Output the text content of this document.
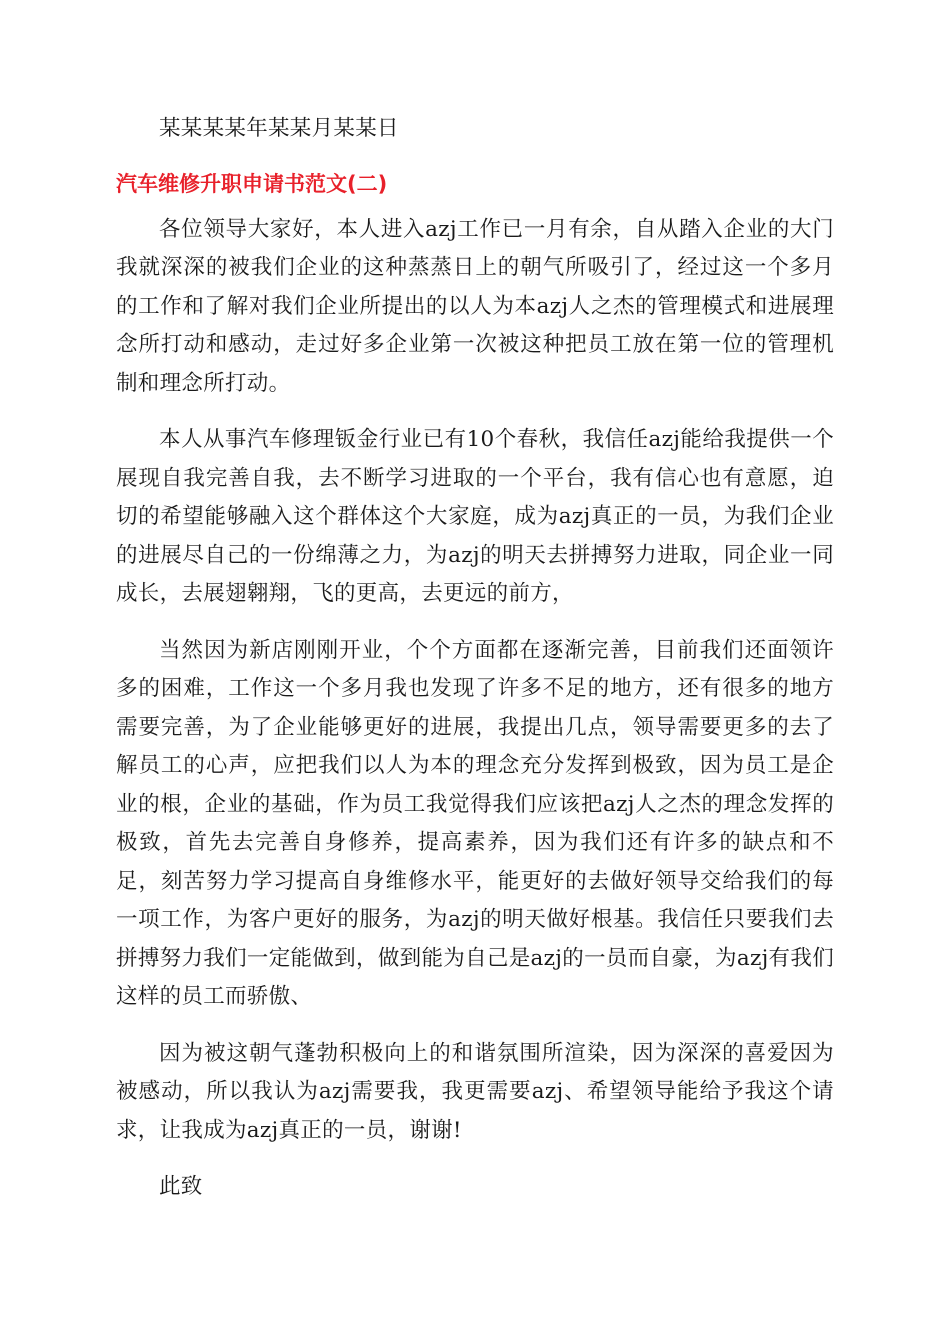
某某某某年某某月某某日

汽车维修升职申请书范文(二)

各位领导大家好，本人进入azj工作已一月有余，自从踏入企业的大门我就深深的被我们企业的这种蒸蒸日上的朝气所吸引了，经过这一个多月的工作和了解对我们企业所提出的以人为本azj人之杰的管理模式和进展理念所打动和感动，走过好多企业第一次被这种把员工放在第一位的管理机制和理念所打动。

本人从事汽车修理钣金行业已有10个春秋，我信任azj能给我提供一个展现自我完善自我，去不断学习进取的一个平台，我有信心也有意愿，迫切的希望能够融入这个群体这个大家庭，成为azj真正的一员，为我们企业的进展尽自己的一份绵薄之力，为azj的明天去拼搏努力进取，同企业一同成长，去展翅翱翔，飞的更高，去更远的前方，

当然因为新店刚刚开业，个个方面都在逐渐完善，目前我们还面领许多的困难，工作这一个多月我也发现了许多不足的地方，还有很多的地方需要完善，为了企业能够更好的进展，我提出几点，领导需要更多的去了解员工的心声，应把我们以人为本的理念充分发挥到极致，因为员工是企业的根，企业的基础，作为员工我觉得我们应该把azj人之杰的理念发挥的极致，首先去完善自身修养，提高素养，因为我们还有许多的缺点和不足，刻苦努力学习提高自身维修水平，能更好的去做好领导交给我们的每一项工作，为客户更好的服务，为azj的明天做好根基。我信任只要我们去拼搏努力我们一定能做到，做到能为自己是azj的一员而自豪，为azj有我们这样的员工而骄傲、

因为被这朝气蓬勃积极向上的和谐氛围所渲染，因为深深的喜爱因为被感动，所以我认为azj需要我，我更需要azj、希望领导能给予我这个请求，让我成为azj真正的一员，谢谢!

此致
